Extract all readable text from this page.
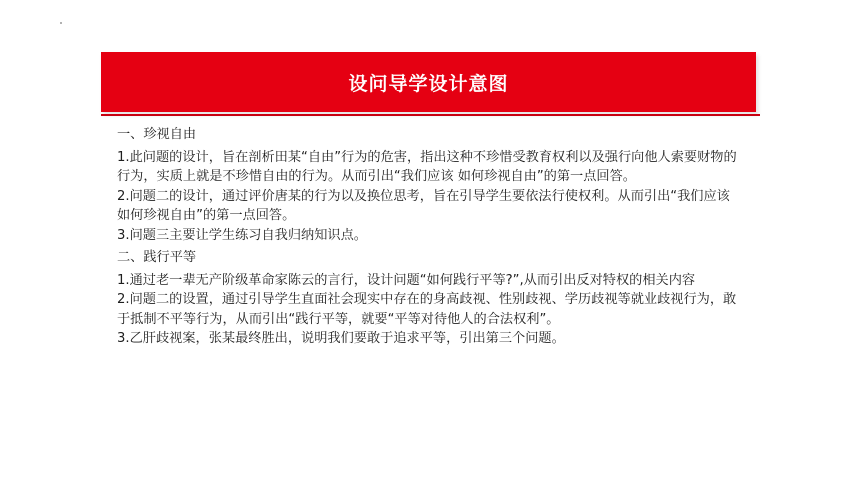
设问导学设计意图

一、珍视自由

1.此问题的设计，旨在剖析田某“自由”行为的危害，指出这种不珍惜受教育权利以及强行向他人索要财物的行为，实质上就是不珍惜自由的行为。从而引出“我们应该 如何珍视自由”的第一点回答。

2.问题二的设计，通过评价唐某的行为以及换位思考，旨在引导学生要依法行使权利。从而引出“我们应该如何珍视自由”的第一点回答。

3.问题三主要让学生练习自我归纳知识点。

二、践行平等

1.通过老一辈无产阶级革命家陈云的言行，设计问题“如何践行平等?”,从而引出反对特权的相关内容

2.问题二的设置，通过引导学生直面社会现实中存在的身高歧视、性别歧视、学历歧视等就业歧视行为，敢于抵制不平等行为，从而引出“践行平等，就要“平等对待他人的合法权利”。

3.乙肝歧视案，张某最终胜出，说明我们要敢于追求平等，引出第三个问题。
